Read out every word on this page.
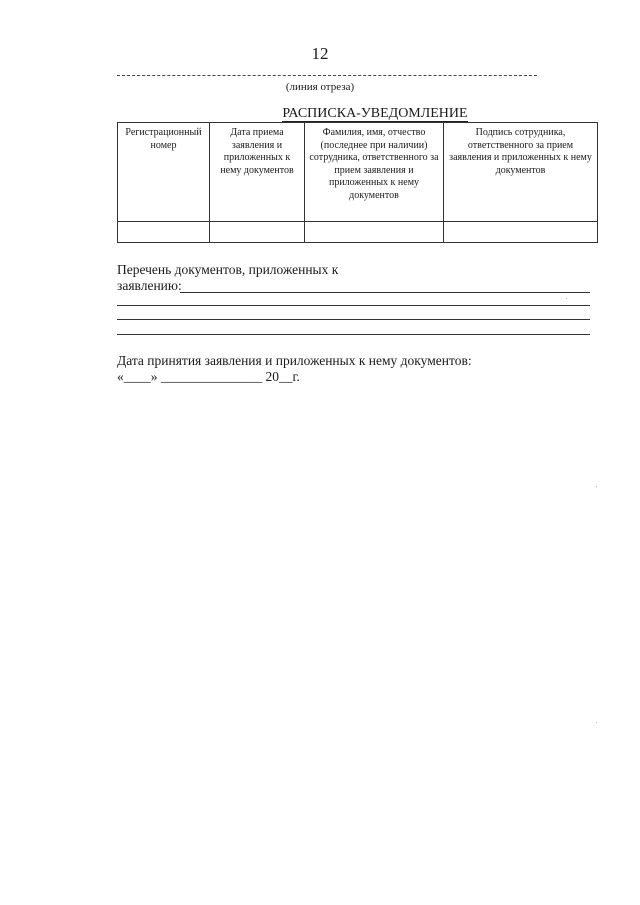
12
(линия отреза)
РАСПИСКА-УВЕДОМЛЕНИЕ
Регистрационный номер	Дата приема заявления и приложенных к нему документов	Фамилия, имя, отчество (последнее при наличии) сотрудника, ответственного за прием заявления и приложенных к нему документов	Подпись сотрудника, ответственного за прием заявления и приложенных к нему документов

Перечень документов, приложенных к
заявлению:
Дата принятия заявления и приложенных к нему документов:
«____» _______________ 20__г.
